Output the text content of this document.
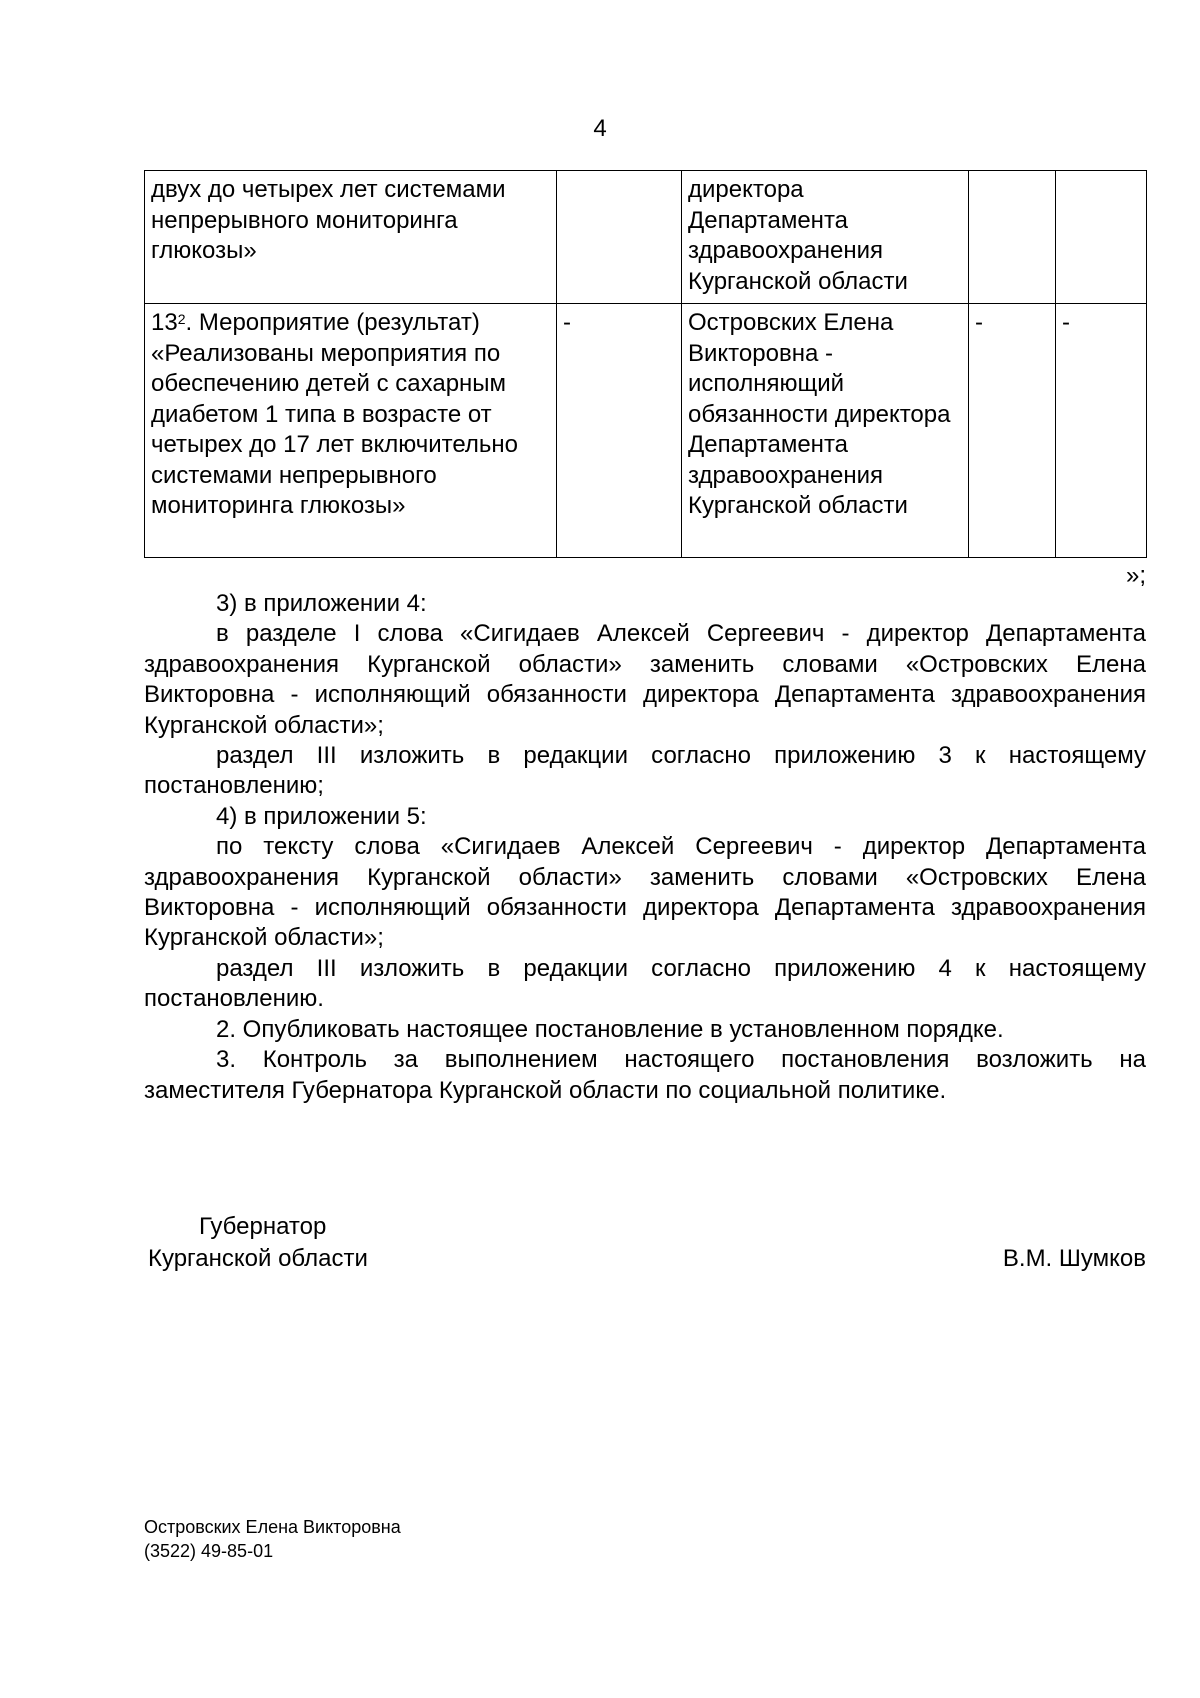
4
двух до четырех лет системами непрерывного мониторинга глюкозы»		директора Департамента здравоохранения Курганской области		
$13^2$. Мероприятие (результат) «Реализованы мероприятия по обеспечению детей с сахарным диабетом 1 типа в возрасте от четырех до 17 лет включительно системами непрерывного мониторинга глюкозы»	-	Островских Елена Викторовна - исполняющий обязанности директора Департамента здравоохранения Курганской области	-	-
»;

3) в приложении 4:

в разделе I слова «Сигидаев Алексей Сергеевич - директор Департамента здравоохранения Курганской области» заменить словами «Островских Елена Викторовна - исполняющий обязанности директора Департамента здравоохранения Курганской области»;

раздел III изложить в редакции согласно приложению 3 к настоящему постановлению;

4) в приложении 5:

по тексту слова «Сигидаев Алексей Сергеевич - директор Департамента здравоохранения Курганской области» заменить словами «Островских Елена Викторовна - исполняющий обязанности директора Департамента здравоохранения Курганской области»;

раздел III изложить в редакции согласно приложению 4 к настоящему постановлению.

2. Опубликовать настоящее постановление в установленном порядке.

3. Контроль за выполнением настоящего постановления возложить на заместителя Губернатора Курганской области по социальной политике.

Губернатор
Курганской области	В.М. Шумков
Островских Елена Викторовна
(3522) 49-85-01
